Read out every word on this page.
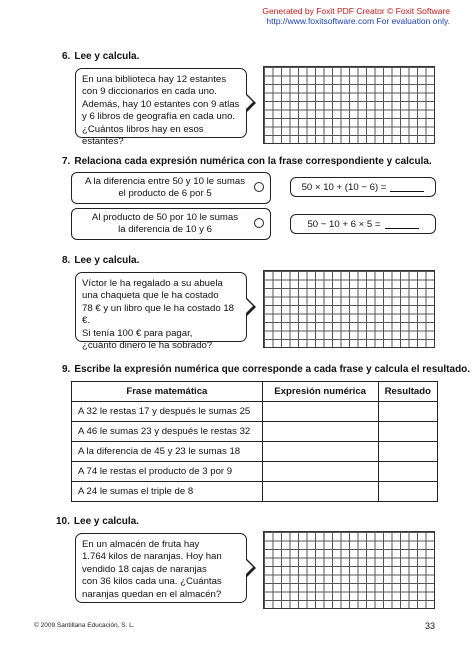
Generated by Foxit PDF Creator © Foxit Software
http://www.foxitsoftware.com For evaluation only.
6. Lee y calcula.
En una biblioteca hay 12 estantes
con 9 diccionarios en cada uno.
Además, hay 10 estantes con 9 atlas
y 6 libros de geografía en cada uno.
¿Cuántos libros hay en esos estantes?
7. Relaciona cada expresión numérica con la frase correspondiente y calcula.
A la diferencia entre 50 y 10 le sumas
el producto de 6 por 5
Al producto de 50 por 10 le sumas
la diferencia de 10 y 6
50 × 10 + (10 − 6) =
50 − 10 + 6 × 5 =
8. Lee y calcula.
Víctor le ha regalado a su abuela
una chaqueta que le ha costado
78 € y un libro que le ha costado 18 €.
Si tenía 100 € para pagar,
¿cuánto dinero le ha sobrado?
9. Escribe la expresión numérica que corresponde a cada frase y calcula el resultado.
Frase matemática	Expresión numérica	Resultado
A 32 le restas 17 y después le sumas 25		
A 46 le sumas 23 y después le restas 32		
A la diferencia de 45 y 23 le sumas 18		
A 74 le restas el producto de 3 por 9		
A 24 le sumas el triple de 8		
10. Lee y calcula.
En un almacén de fruta hay
1.764 kilos de naranjas. Hoy han
vendido 18 cajas de naranjas
con 36 kilos cada una. ¿Cuántas
naranjas quedan en el almacén?
© 2009 Santillana Educación, S. L.	33
